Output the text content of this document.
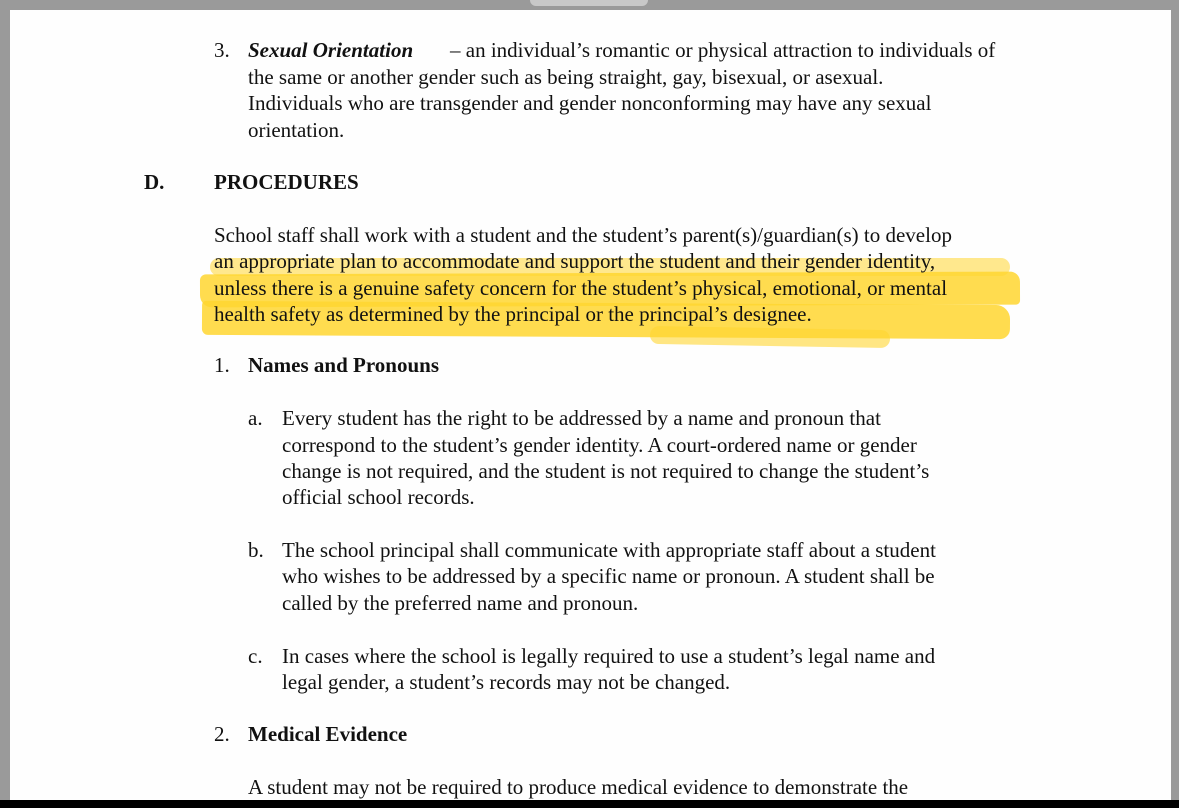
3. Sexual Orientation – an individual’s romantic or physical attraction to individuals of
the same or another gender such as being straight, gay, bisexual, or asexual.
Individuals who are transgender and gender nonconforming may have any sexual
orientation.
D. PROCEDURES
School staff shall work with a student and the student’s parent(s)/guardian(s) to develop
an appropriate plan to accommodate and support the student and their gender identity,
unless there is a genuine safety concern for the student’s physical, emotional, or mental
health safety as determined by the principal or the principal’s designee.
1. Names and Pronouns
a. Every student has the right to be addressed by a name and pronoun that
correspond to the student’s gender identity. A court-ordered name or gender
change is not required, and the student is not required to change the student’s
official school records.
b. The school principal shall communicate with appropriate staff about a student
who wishes to be addressed by a specific name or pronoun. A student shall be
called by the preferred name and pronoun.
c. In cases where the school is legally required to use a student’s legal name and
legal gender, a student’s records may not be changed.
2. Medical Evidence
A student may not be required to produce medical evidence to demonstrate the
